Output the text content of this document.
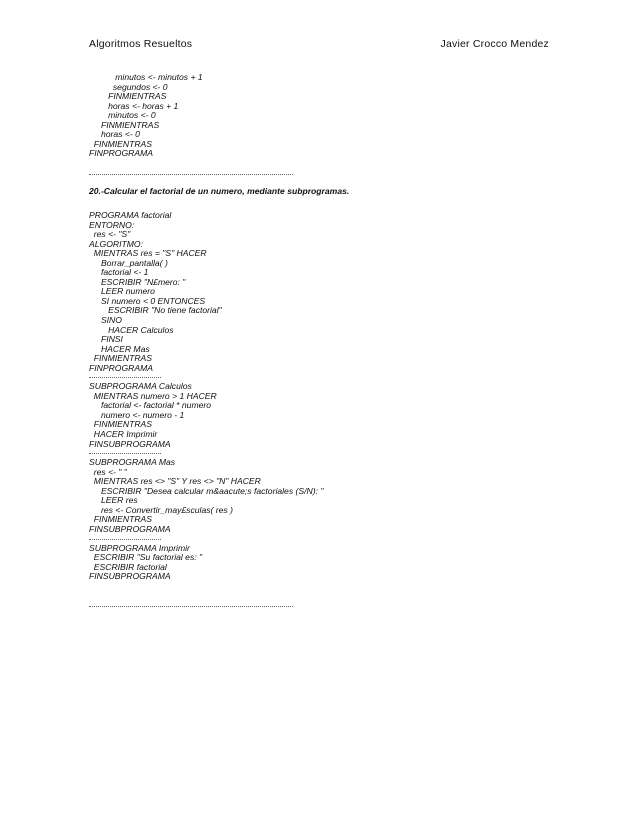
Algoritmos Resueltos	Javier Crocco Mendez
minutos <- minutos + 1
segundos <- 0
FINMIENTRAS
horas <- horas + 1
minutos <- 0
FINMIENTRAS
horas <- 0
FINMIENTRAS
FINPROGRAMA
20.-Calcular el factorial de un numero, mediante subprogramas.
PROGRAMA factorial
ENTORNO:
res <- "S"
ALGORITMO:
MIENTRAS res = "S" HACER
Borrar_pantalla( )
factorial <- 1
ESCRIBIR "N£mero: "
LEER numero
SI numero < 0 ENTONCES
ESCRIBIR "No tiene factorial"
SINO
HACER Calculos
FINSI
HACER Mas
FINMIENTRAS
FINPROGRAMA
SUBPROGRAMA Calculos
MIENTRAS numero > 1 HACER
factorial <- factorial * numero
numero <- numero - 1
FINMIENTRAS
HACER Imprimir
FINSUBPROGRAMA
SUBPROGRAMA Mas
res <- " "
MIENTRAS res <> "S" Y res <> "N" HACER
ESCRIBIR "Desea calcular m&aacute;s factoriales (S/N): "
LEER res
res <- Convertir_may£sculas( res )
FINMIENTRAS
FINSUBPROGRAMA
SUBPROGRAMA Imprimir
ESCRIBIR "Su factorial es: "
ESCRIBIR factorial
FINSUBPROGRAMA
